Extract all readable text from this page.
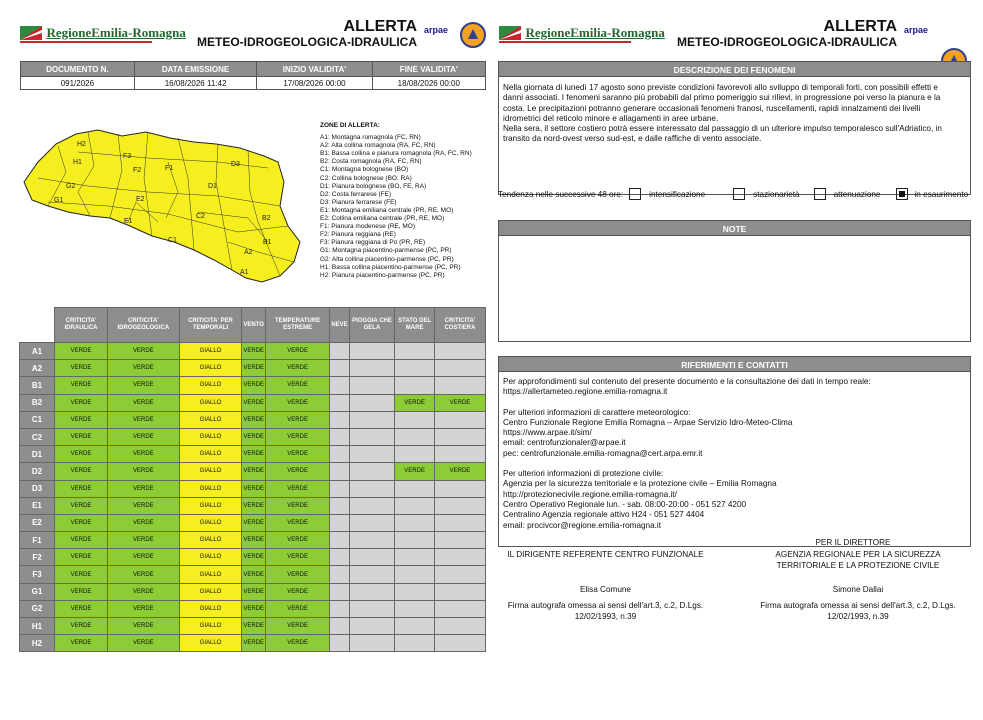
RegioneEmilia-Romagna	ALLERTA
METEO-IDROGEOLOGICA-IDRAULICA
arpae	RegioneEmilia-Romagna	ALLERTA
METEO-IDROGEOLOGICA-IDRAULICA
arpae
DOCUMENTO N.	DATA EMISSIONE	INIZIO VALIDITA'	FINE VALIDITA'
091/2026	16/08/2026 11:42	17/08/2026 00:00	18/08/2026 00:00
H2
H1
F3
F2	F1
D3
G2
G1	E2
D1
E1
C2	B2
C1	B1
A2
A1
ZONE DI ALLERTA:
A1: Montagna romagnola (FC, RN)
A2: Alta collina romagnola (RA, FC, RN)
B1: Bassa collina e pianura romagnola (RA, FC, RN)
B2: Costa romagnola (RA, FC, RN)
C1: Montagna bolognese (BO)
C2: Collina bolognese (BO, RA)
D1: Pianura bolognese (BO, FE, RA)
D2: Costa ferrarese (FE)
D3: Pianura ferrarese (FE)
E1: Montagna emiliana centrale (PR, RE, MO)
E2: Collina emiliana centrale (PR, RE, MO)
F1: Pianura modenese (RE, MO)
F2: Pianura reggiana (RE)
F3: Pianura reggiana di Po (PR, RE)
G1: Montagna piacentino-parmense (PC, PR)
G2: Alta collina piacentino-parmense (PC, PR)
H1: Bassa collina piacentino-parmense (PC, PR)
H2: Pianura piacentino-parmense (PC, PR)
	CRITICITA' IDRAULICA	CRITICITA' IDROGEOLOGICA	CRITICITA' PER TEMPORALI	VENTO	TEMPERATURE ESTREME	NEVE	PIOGGIA CHE GELA	STATO DEL MARE	CRITICITA' COSTIERA
A1	VERDE	VERDE	GIALLO	VERDE	VERDE				
A2	VERDE	VERDE	GIALLO	VERDE	VERDE				
B1	VERDE	VERDE	GIALLO	VERDE	VERDE				
B2	VERDE	VERDE	GIALLO	VERDE	VERDE			VERDE	VERDE
C1	VERDE	VERDE	GIALLO	VERDE	VERDE				
C2	VERDE	VERDE	GIALLO	VERDE	VERDE				
D1	VERDE	VERDE	GIALLO	VERDE	VERDE				
D2	VERDE	VERDE	GIALLO	VERDE	VERDE			VERDE	VERDE
D3	VERDE	VERDE	GIALLO	VERDE	VERDE				
E1	VERDE	VERDE	GIALLO	VERDE	VERDE				
E2	VERDE	VERDE	GIALLO	VERDE	VERDE				
F1	VERDE	VERDE	GIALLO	VERDE	VERDE				
F2	VERDE	VERDE	GIALLO	VERDE	VERDE				
F3	VERDE	VERDE	GIALLO	VERDE	VERDE				
G1	VERDE	VERDE	GIALLO	VERDE	VERDE				
G2	VERDE	VERDE	GIALLO	VERDE	VERDE				
H1	VERDE	VERDE	GIALLO	VERDE	VERDE				
H2	VERDE	VERDE	GIALLO	VERDE	VERDE				
DESCRIZIONE DEI FENOMENI
Nella giornata di lunedì 17 agosto sono previste condizioni favorevoli allo sviluppo di temporali forti, con possibili effetti e
danni associati. I fenomeni saranno più probabili dal primo pomeriggio sui rilievi, in progressione poi verso la pianura e la
costa. Le precipitazioni potranno generare occasionali fenomeni franosi, ruscellamenti, rapidi innalzamenti dei livelli
idrometrici del reticolo minore e allagamenti in aree urbane.
Nella sera, il settore costiero potrà essere interessato dal passaggio di un ulteriore impulso temporalesco sull'Adriatico, in
transito da nord-ovest verso sud-est, e dalle raffiche di vento associate.
Tendenza nelle successive 48 ore:	intensificazione	stazionarietà	attenuazione	in esaurimento
NOTE
RIFERIMENTI E CONTATTI
Per approfondimenti sul contenuto del presente documento e la consultazione dei dati in tempo reale:
https://allertameteo.regione.emilia-romagna.it
Per ulteriori informazioni di carattere meteorologico:
Centro Funzionale Regione Emilia Romagna – Arpae Servizio Idro-Meteo-Clima
https://www.arpae.it/sim/
email: centrofunzionaler@arpae.it
pec: centrofunzionale.emilia-romagna@cert.arpa.emr.it
Per ulteriori informazioni di protezione civile:
Agenzia per la sicurezza territoriale e la protezione civile – Emilia Romagna
http://protezionecivile.regione.emilia-romagna.it/
Centro Operativo Regionale lun. - sab. 08:00-20:00 - 051 527 4200
Centralino Agenzia regionale attivo H24 - 051 527 4404
email: procivcor@regione.emilia-romagna.it
PER IL DIRETTORE
IL DIRIGENTE REFERENTE CENTRO FUNZIONALE	AGENZIA REGIONALE PER LA SICUREZZA
TERRITORIALE E LA PROTEZIONE CIVILE
Elisa Comune	Simone Dallai
Firma autografa omessa ai sensi dell'art.3, c.2, D.Lgs.
12/02/1993, n.39
Firma autografa omessa ai sensi dell'art.3, c.2, D.Lgs.
12/02/1993, n.39
